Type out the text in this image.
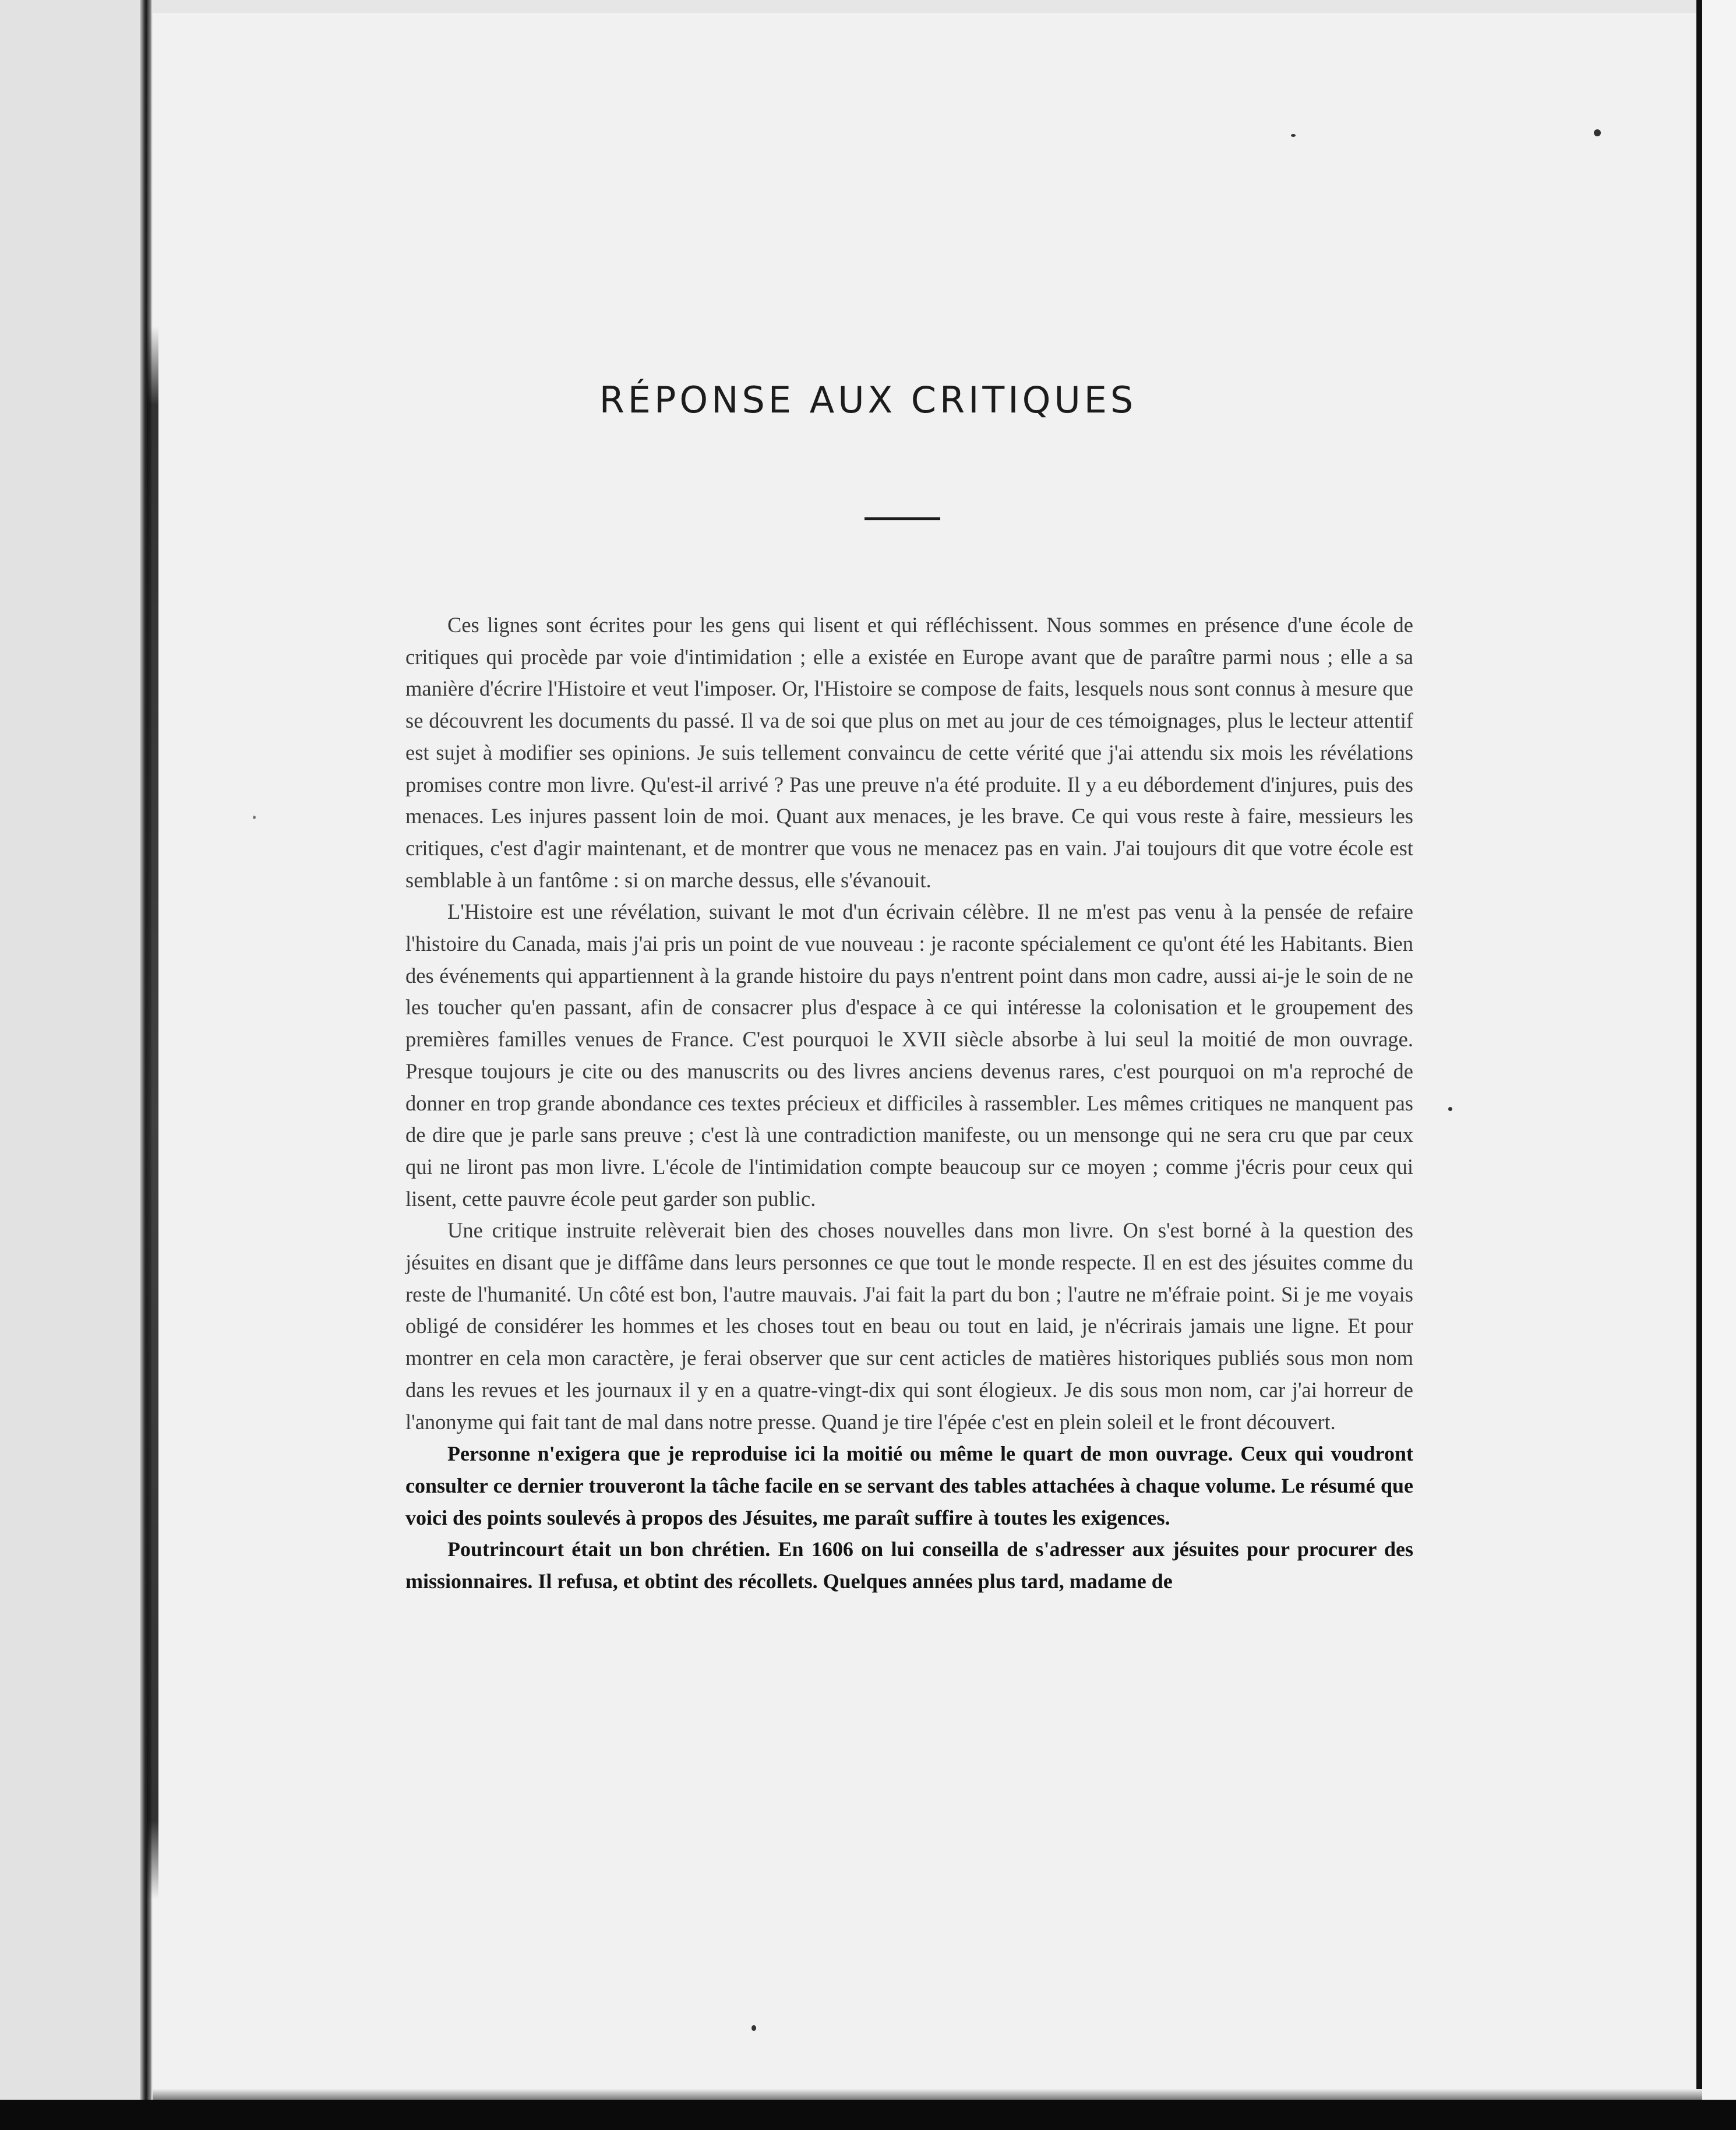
RÉPONSE AUX CRITIQUES

Ces lignes sont écrites pour les gens qui lisent et qui réfléchissent. Nous sommes en présence d'une école de critiques qui procède par voie d'intimidation ; elle a existée en Europe avant que de paraître parmi nous ; elle a sa manière d'écrire l'Histoire et veut l'imposer. Or, l'Histoire se compose de faits, lesquels nous sont connus à mesure que se découvrent les documents du passé. Il va de soi que plus on met au jour de ces témoignages, plus le lecteur attentif est sujet à modifier ses opinions. Je suis tellement convaincu de cette vérité que j'ai attendu six mois les révélations promises contre mon livre. Qu'est-il arrivé ? Pas une preuve n'a été produite. Il y a eu débordement d'injures, puis des menaces. Les injures passent loin de moi. Quant aux menaces, je les brave. Ce qui vous reste à faire, messieurs les critiques, c'est d'agir maintenant, et de montrer que vous ne menacez pas en vain. J'ai toujours dit que votre école est semblable à un fantôme : si on marche dessus, elle s'évanouit.

L'Histoire est une révélation, suivant le mot d'un écrivain célèbre. Il ne m'est pas venu à la pensée de refaire l'histoire du Canada, mais j'ai pris un point de vue nouveau : je raconte spécialement ce qu'ont été les Habitants. Bien des événements qui appartiennent à la grande histoire du pays n'entrent point dans mon cadre, aussi ai-je le soin de ne les toucher qu'en passant, afin de consacrer plus d'espace à ce qui intéresse la colonisation et le groupement des premières familles venues de France. C'est pourquoi le XVII siècle absorbe à lui seul la moitié de mon ouvrage. Presque toujours je cite ou des manuscrits ou des livres anciens devenus rares, c'est pourquoi on m'a reproché de donner en trop grande abondance ces textes précieux et difficiles à rassembler. Les mêmes critiques ne manquent pas de dire que je parle sans preuve ; c'est là une contradiction manifeste, ou un mensonge qui ne sera cru que par ceux qui ne liront pas mon livre. L'école de l'intimidation compte beaucoup sur ce moyen ; comme j'écris pour ceux qui lisent, cette pauvre école peut garder son public.

Une critique instruite relèverait bien des choses nouvelles dans mon livre. On s'est borné à la question des jésuites en disant que je diffâme dans leurs personnes ce que tout le monde respecte. Il en est des jésuites comme du reste de l'humanité. Un côté est bon, l'autre mauvais. J'ai fait la part du bon ; l'autre ne m'éfraie point. Si je me voyais obligé de considérer les hommes et les choses tout en beau ou tout en laid, je n'écrirais jamais une ligne. Et pour montrer en cela mon caractère, je ferai observer que sur cent acticles de matières historiques publiés sous mon nom dans les revues et les journaux il y en a quatre-vingt-dix qui sont élogieux. Je dis sous mon nom, car j'ai horreur de l'anonyme qui fait tant de mal dans notre presse. Quand je tire l'épée c'est en plein soleil et le front découvert.

Personne n'exigera que je reproduise ici la moitié ou même le quart de mon ouvrage. Ceux qui voudront consulter ce dernier trouveront la tâche facile en se servant des tables attachées à chaque volume. Le résumé que voici des points soulevés à propos des Jésuites, me paraît suffire à toutes les exigences.

Poutrincourt était un bon chrétien. En 1606 on lui conseilla de s'adresser aux jésuites pour procurer des missionnaires. Il refusa, et obtint des récollets. Quelques années plus tard, madame de
